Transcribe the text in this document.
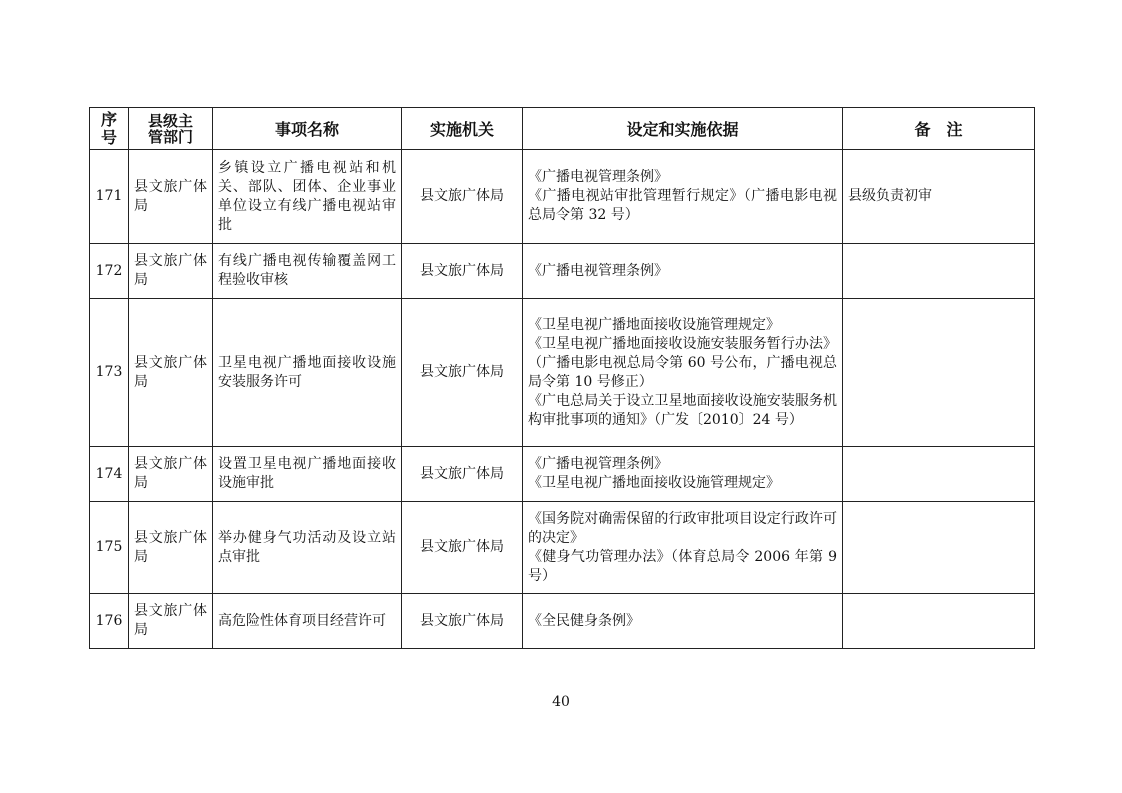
序号	县级主管部门	事项名称	实施机关	设定和实施依据	备　注
171	县文旅广体局	乡镇设立广播电视站和机关、部队、团体、企业事业单位设立有线广播电视站审批	县文旅广体局	《广播电视管理条例》
《广播电视站审批管理暂行规定》（广播电影电视总局令第 32 号）	县级负责初审
172	县文旅广体局	有线广播电视传输覆盖网工程验收审核	县文旅广体局	《广播电视管理条例》	

173	县文旅广体局	卫星电视广播地面接收设施安装服务许可	县文旅广体局	《卫星电视广播地面接收设施管理规定》
《卫星电视广播地面接收设施安装服务暂行办法》（广播电影电视总局令第 60 号公布，广播电视总局令第 10 号修正）
《广电总局关于设立卫星地面接收设施安装服务机构审批事项的通知》（广发〔2010〕24 号）	

174	县文旅广体局	设置卫星电视广播地面接收设施审批	县文旅广体局	《广播电视管理条例》
《卫星电视广播地面接收设施管理规定》	

175	县文旅广体局	举办健身气功活动及设立站点审批	县文旅广体局	《国务院对确需保留的行政审批项目设定行政许可的决定》
《健身气功管理办法》（体育总局令 2006 年第 9 号）	

176	县文旅广体局	高危险性体育项目经营许可	县文旅广体局	《全民健身条例》	

40
